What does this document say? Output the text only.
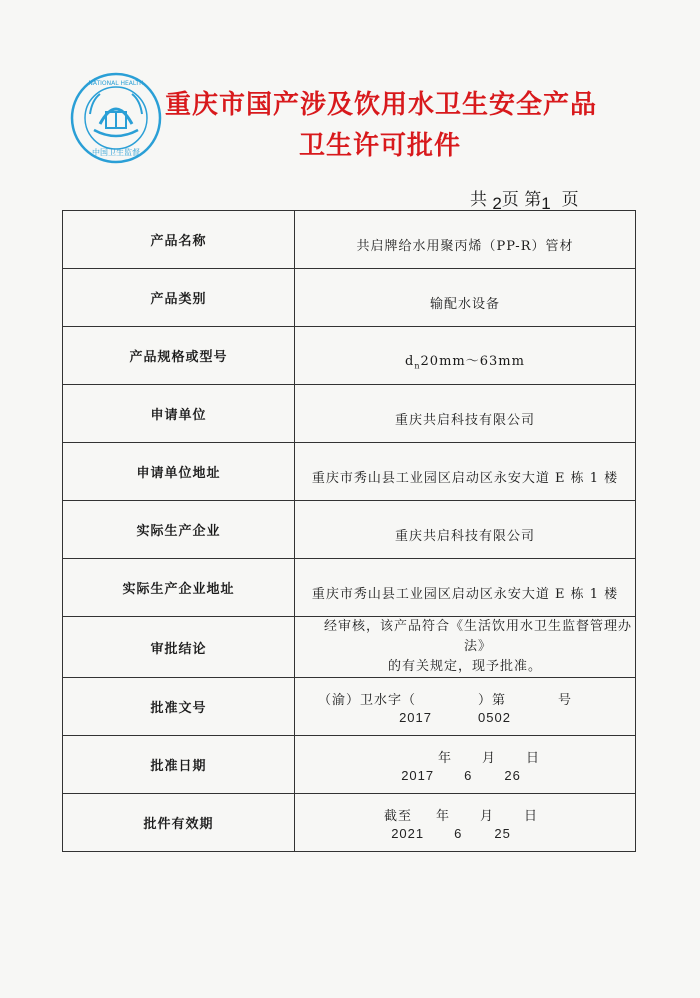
中国卫生监督
NATIONAL HEALTH
重庆市国产涉及饮用水卫生安全产品
卫生许可批件
共 2页 第1 页
产品名称	共启牌给水用聚丙烯（PP-R）管材
产品类别	输配水设备
产品规格或型号	$d_n20mm\sim 63mm$
申请单位	重庆共启科技有限公司
申请单位地址	重庆市秀山县工业园区启动区永安大道 E 栋 1 楼
实际生产企业	重庆共启科技有限公司
实际生产企业地址	重庆市秀山县工业园区启动区永安大道 E 栋 1 楼
审批结论	经审核，该产品符合《生活饮用水卫生监督管理办法》
的有关规定，现予批准。

批准文号	（渝）卫水字（ ）第 号
2017 0502

批准日期	年 月 日
2017 6 26

批件有效期	截至 年 月 日
2021 6 25
